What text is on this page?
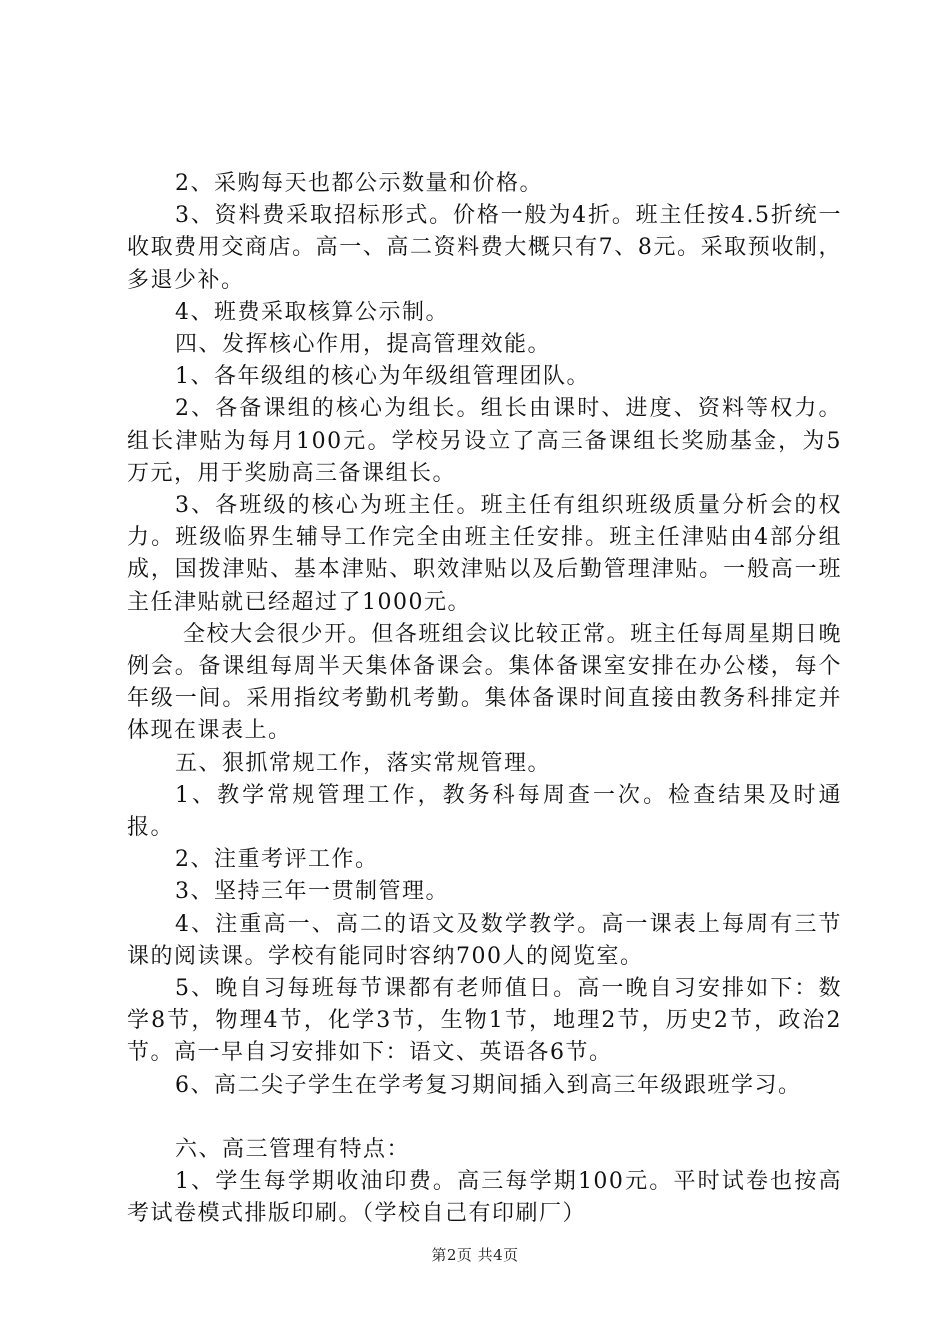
2、采购每天也都公示数量和价格。

3、资料费采取招标形式。价格一般为4折。班主任按4.5折统一收取费用交商店。高一、高二资料费大概只有7、8元。采取预收制，多退少补。

4、班费采取核算公示制。

四、发挥核心作用，提高管理效能。

1、各年级组的核心为年级组管理团队。

2、各备课组的核心为组长。组长由课时、进度、资料等权力。组长津贴为每月100元。学校另设立了高三备课组长奖励基金，为5万元，用于奖励高三备课组长。

3、各班级的核心为班主任。班主任有组织班级质量分析会的权力。班级临界生辅导工作完全由班主任安排。班主任津贴由4部分组成，国拨津贴、基本津贴、职效津贴以及后勤管理津贴。一般高一班主任津贴就已经超过了1000元。

全校大会很少开。但各班组会议比较正常。班主任每周星期日晚例会。备课组每周半天集体备课会。集体备课室安排在办公楼，每个年级一间。采用指纹考勤机考勤。集体备课时间直接由教务科排定并体现在课表上。

五、狠抓常规工作，落实常规管理。

1、教学常规管理工作，教务科每周查一次。检查结果及时通报。

2、注重考评工作。

3、坚持三年一贯制管理。

4、注重高一、高二的语文及数学教学。高一课表上每周有三节课的阅读课。学校有能同时容纳700人的阅览室。

5、晚自习每班每节课都有老师值日。高一晚自习安排如下：数学8节，物理4节，化学3节，生物1节，地理2节，历史2节，政治2节。高一早自习安排如下：语文、英语各6节。

6、高二尖子学生在学考复习期间插入到高三年级跟班学习。

六、高三管理有特点：

1、学生每学期收油印费。高三每学期100元。平时试卷也按高考试卷模式排版印刷。（学校自己有印刷厂）

第2页 共4页
